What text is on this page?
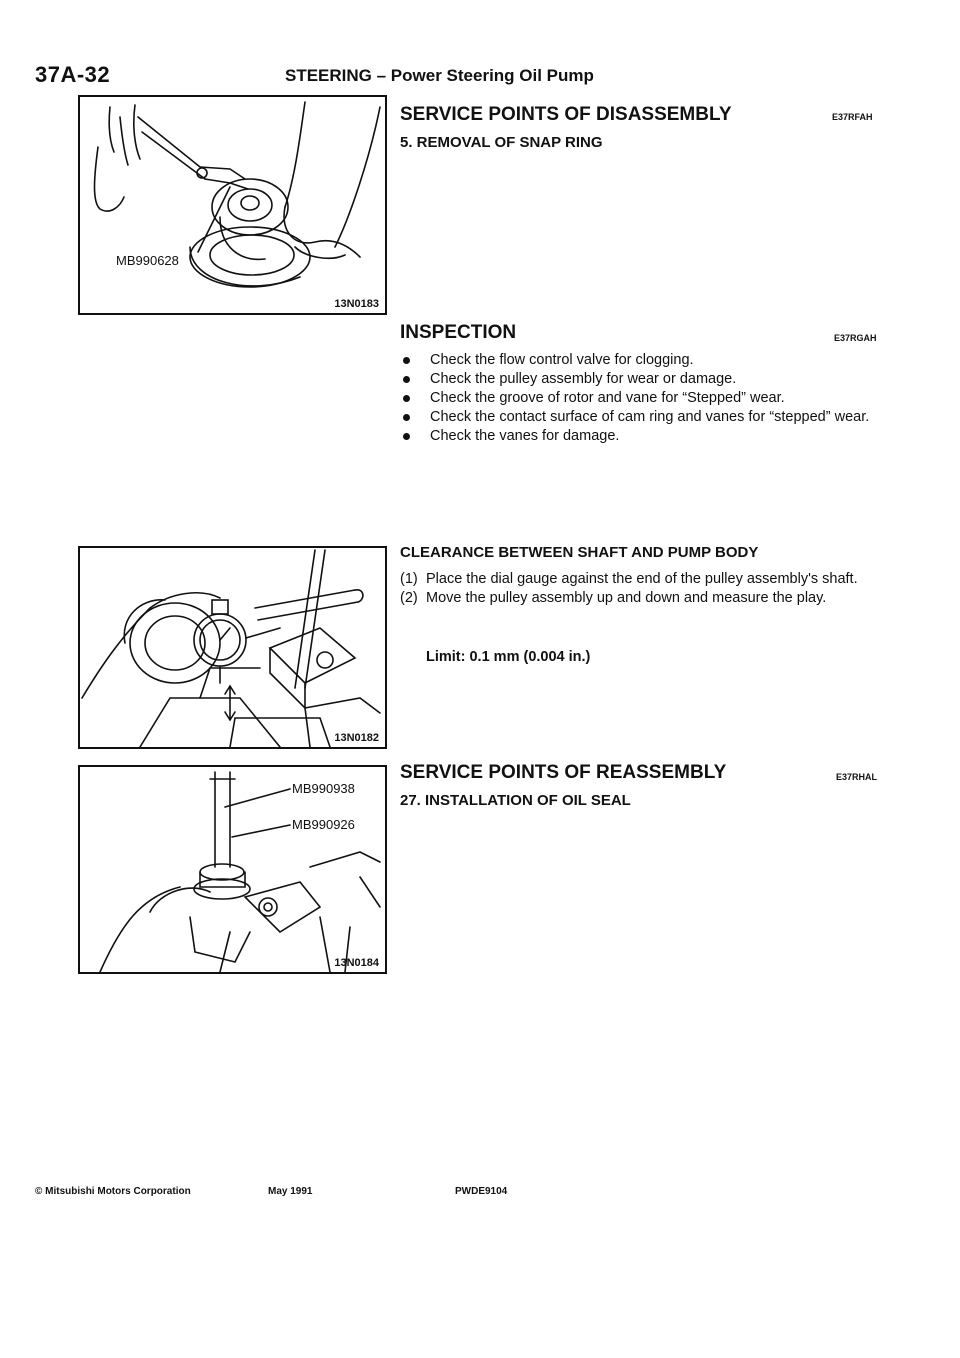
37A-32	STEERING – Power Steering Oil Pump
MB990628
13N0183
13N0182
MB990938
MB990926
13N0184
SERVICE POINTS OF DISASSEMBLY	E37RFAH
5. REMOVAL OF SNAP RING
INSPECTION	E37RGAH
Check the flow control valve for clogging.
Check the pulley assembly for wear or damage.
Check the groove of rotor and vane for “Stepped” wear.
Check the contact surface of cam ring and vanes for “stepped” wear.
Check the vanes for damage.
CLEARANCE BETWEEN SHAFT AND PUMP BODY
(1) Place the dial gauge against the end of the pulley assembly's shaft.
(2) Move the pulley assembly up and down and measure the play.
Limit: 0.1 mm (0.004 in.)
SERVICE POINTS OF REASSEMBLY	E37RHAL
27. INSTALLATION OF OIL SEAL
© Mitsubishi Motors Corporation	May 1991	PWDE9104
